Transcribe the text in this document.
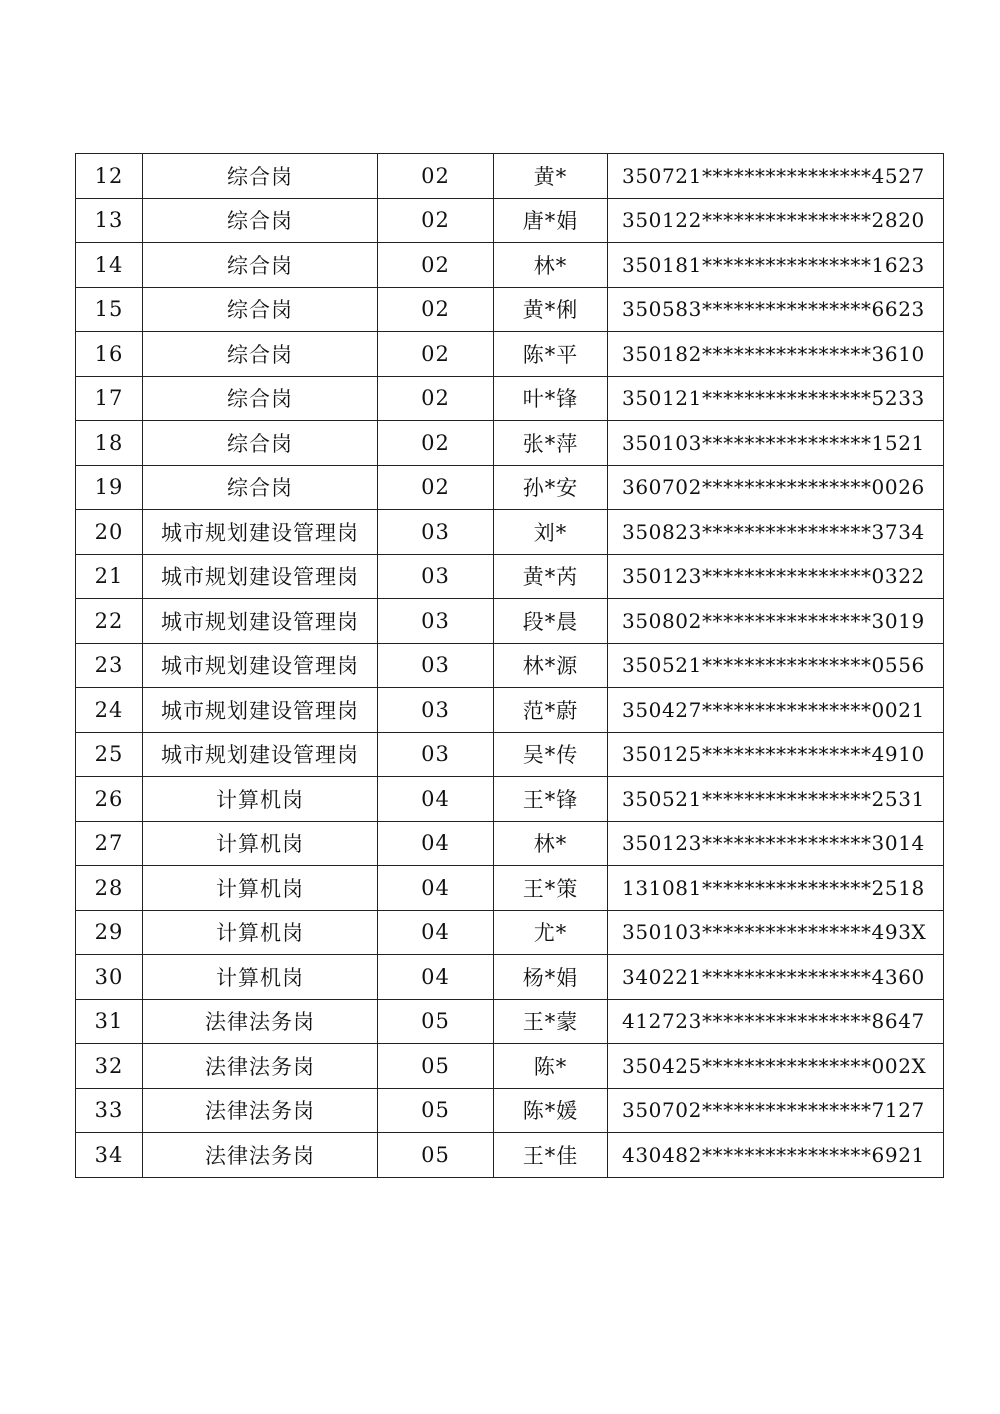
12	综合岗	02	黄*	350721****************4527
13	综合岗	02	唐*娟	350122****************2820
14	综合岗	02	林*	350181****************1623
15	综合岗	02	黄*俐	350583****************6623
16	综合岗	02	陈*平	350182****************3610
17	综合岗	02	叶*锋	350121****************5233
18	综合岗	02	张*萍	350103****************1521
19	综合岗	02	孙*安	360702****************0026
20	城市规划建设管理岗	03	刘*	350823****************3734
21	城市规划建设管理岗	03	黄*芮	350123****************0322
22	城市规划建设管理岗	03	段*晨	350802****************3019
23	城市规划建设管理岗	03	林*源	350521****************0556
24	城市规划建设管理岗	03	范*蔚	350427****************0021
25	城市规划建设管理岗	03	吴*传	350125****************4910
26	计算机岗	04	王*锋	350521****************2531
27	计算机岗	04	林*	350123****************3014
28	计算机岗	04	王*策	131081****************2518
29	计算机岗	04	尤*	350103****************493X
30	计算机岗	04	杨*娟	340221****************4360
31	法律法务岗	05	王*蒙	412723****************8647
32	法律法务岗	05	陈*	350425****************002X
33	法律法务岗	05	陈*媛	350702****************7127
34	法律法务岗	05	王*佳	430482****************6921
